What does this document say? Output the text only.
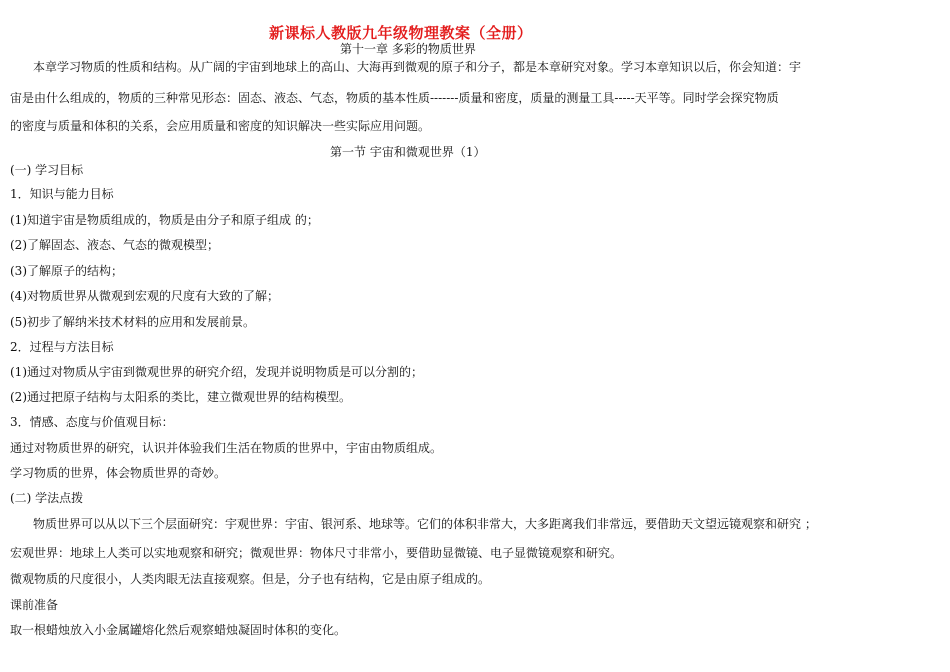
新课标人教版九年级物理教案（全册）
第十一章 多彩的物质世界
本章学习物质的性质和结构。从广阔的宇宙到地球上的高山、大海再到微观的原子和分子，都是本章研究对象。学习本章知识以后，你会知道：宇
宙是由什么组成的，物质的三种常见形态：固态、液态、气态，物质的基本性质-------质量和密度，质量的测量工具-----天平等。同时学会探究物质
的密度与质量和体积的关系，会应用质量和密度的知识解决一些实际应用问题。
第一节 宇宙和微观世界（1）
(一) 学习目标
1．知识与能力目标
(1)知道宇宙是物质组成的，物质是由分子和原子组成 的；
(2)了解固态、液态、气态的微观模型；
(3)了解原子的结构；
(4)对物质世界从微观到宏观的尺度有大致的了解；
(5)初步了解纳米技术材料的应用和发展前景。
2．过程与方法目标
(1)通过对物质从宇宙到微观世界的研究介绍，发现并说明物质是可以分割的；
(2)通过把原子结构与太阳系的类比，建立微观世界的结构模型。
3．情感、态度与价值观目标：
通过对物质世界的研究，认识并体验我们生活在物质的世界中，宇宙由物质组成。
学习物质的世界，体会物质世界的奇妙。
(二) 学法点拨
物质世界可以从以下三个层面研究：宇观世界：宇宙、银河系、地球等。它们的体积非常大，大多距离我们非常远，要借助天文望远镜观察和研究 ；
宏观世界：地球上人类可以实地观察和研究；微观世界：物体尺寸非常小，要借助显微镜、电子显微镜观察和研究。
微观物质的尺度很小，人类肉眼无法直接观察。但是，分子也有结构，它是由原子组成的。
课前准备
取一根蜡烛放入小金属罐熔化然后观察蜡烛凝固时体积的变化。
